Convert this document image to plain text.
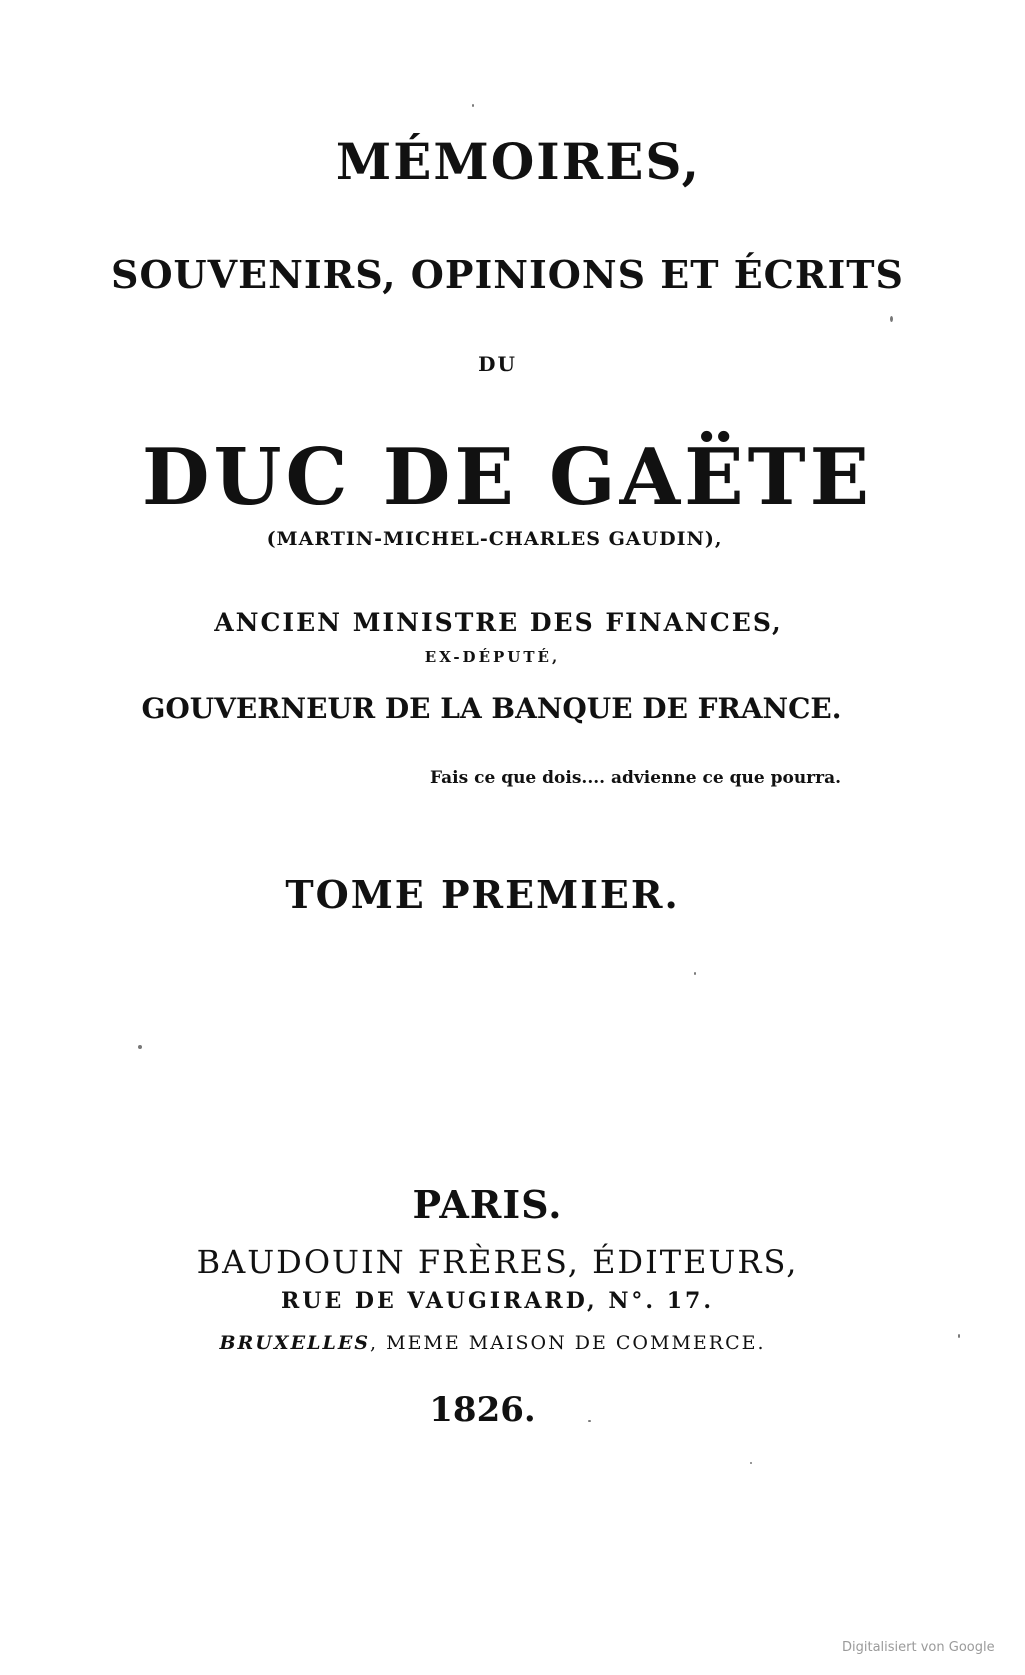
MÉMOIRES,
SOUVENIRS, OPINIONS ET ÉCRITS
DU
DUC DE GAËTE
(MARTIN-MICHEL-CHARLES GAUDIN),
ANCIEN MINISTRE DES FINANCES,
EX-DÉPUTÉ,
GOUVERNEUR DE LA BANQUE DE FRANCE.
Fais ce que dois.... advienne ce que pourra.
TOME PREMIER.
PARIS.
BAUDOUIN FRÈRES, ÉDITEURS,
RUE DE VAUGIRARD, N°. 17.
BRUXELLES, MEME MAISON DE COMMERCE.
1826.
Digitalisiert von Google
